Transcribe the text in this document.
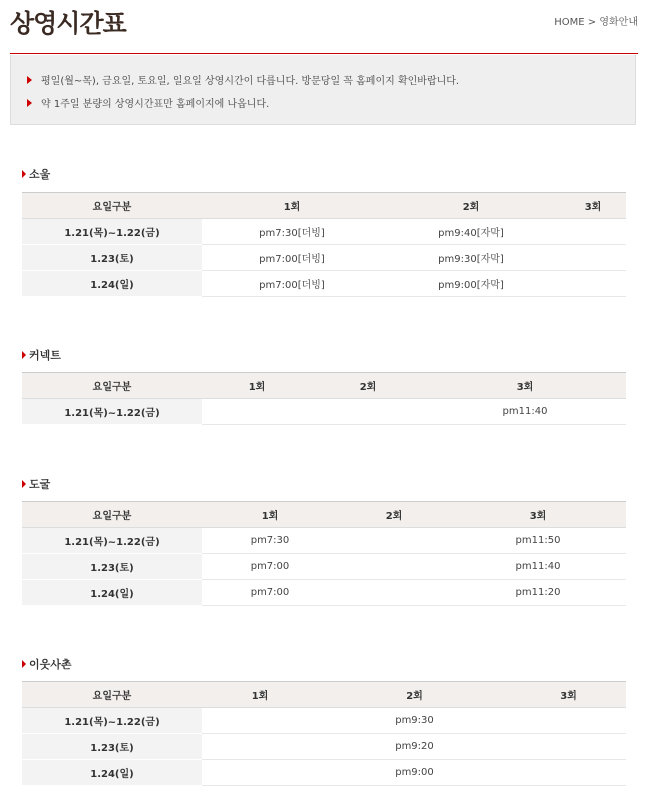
상영시간표	HOME > 영화안내
평일(월~목), 금요일, 토요일, 일요일 상영시간이 다릅니다. 방문당일 꼭 홈페이지 확인바랍니다.
약 1주일 분량의 상영시간표만 홈페이지에 나옵니다.
소울
요일구분	1회	2회	3회
1.21(목)~1.22(금)	pm7:30[더빙]	pm9:40[자막]	
1.23(토)	pm7:00[더빙]	pm9:30[자막]	
1.24(일)	pm7:00[더빙]	pm9:00[자막]	
커넥트
요일구분	1회	2회	3회
1.21(목)~1.22(금)			pm11:40
도굴
요일구분	1회	2회	3회
1.21(목)~1.22(금)	pm7:30		pm11:50
1.23(토)	pm7:00		pm11:40
1.24(일)	pm7:00		pm11:20
이웃사촌
요일구분	1회	2회	3회
1.21(목)~1.22(금)		pm9:30	
1.23(토)		pm9:20	
1.24(일)		pm9:00	
